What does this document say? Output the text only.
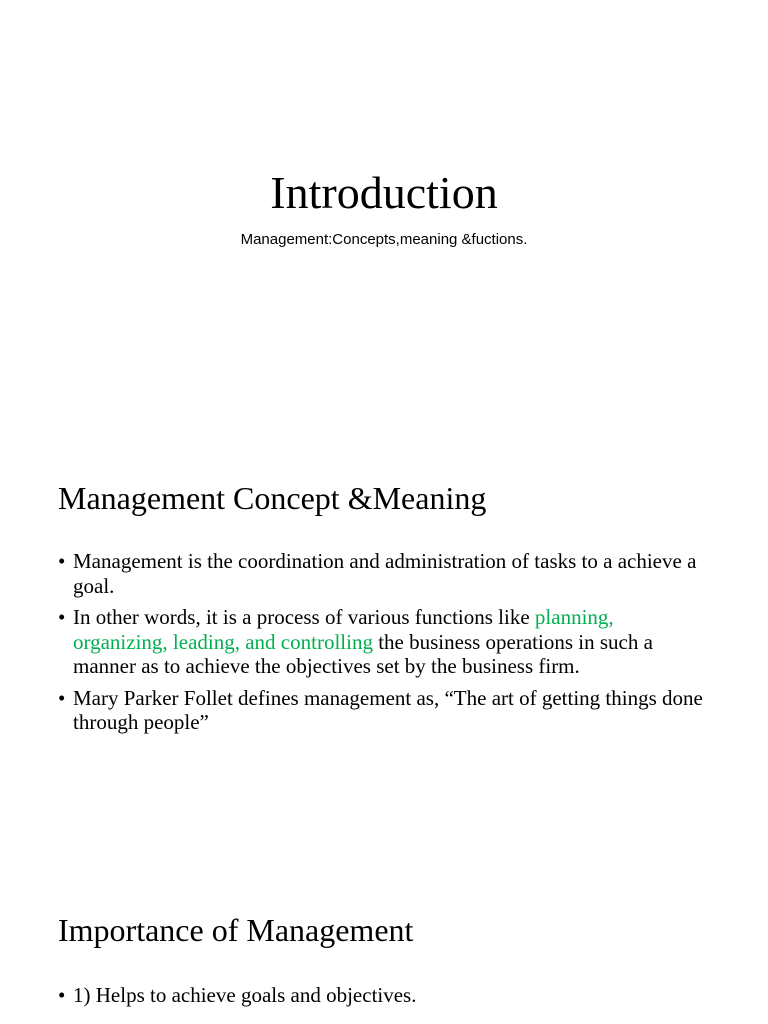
Introduction

Management:Concepts,meaning &fuctions.

Management Concept &Meaning
• Management is the coordination and administration of tasks to a achieve a goal.
• In other words, it is a process of various functions like planning, organizing, leading, and controlling the business operations in such a manner as to achieve the objectives set by the business firm.
• Mary Parker Follet defines management as, “The art of getting things done through people”
Importance of Management
• 1) Helps to achieve goals and objectives.
